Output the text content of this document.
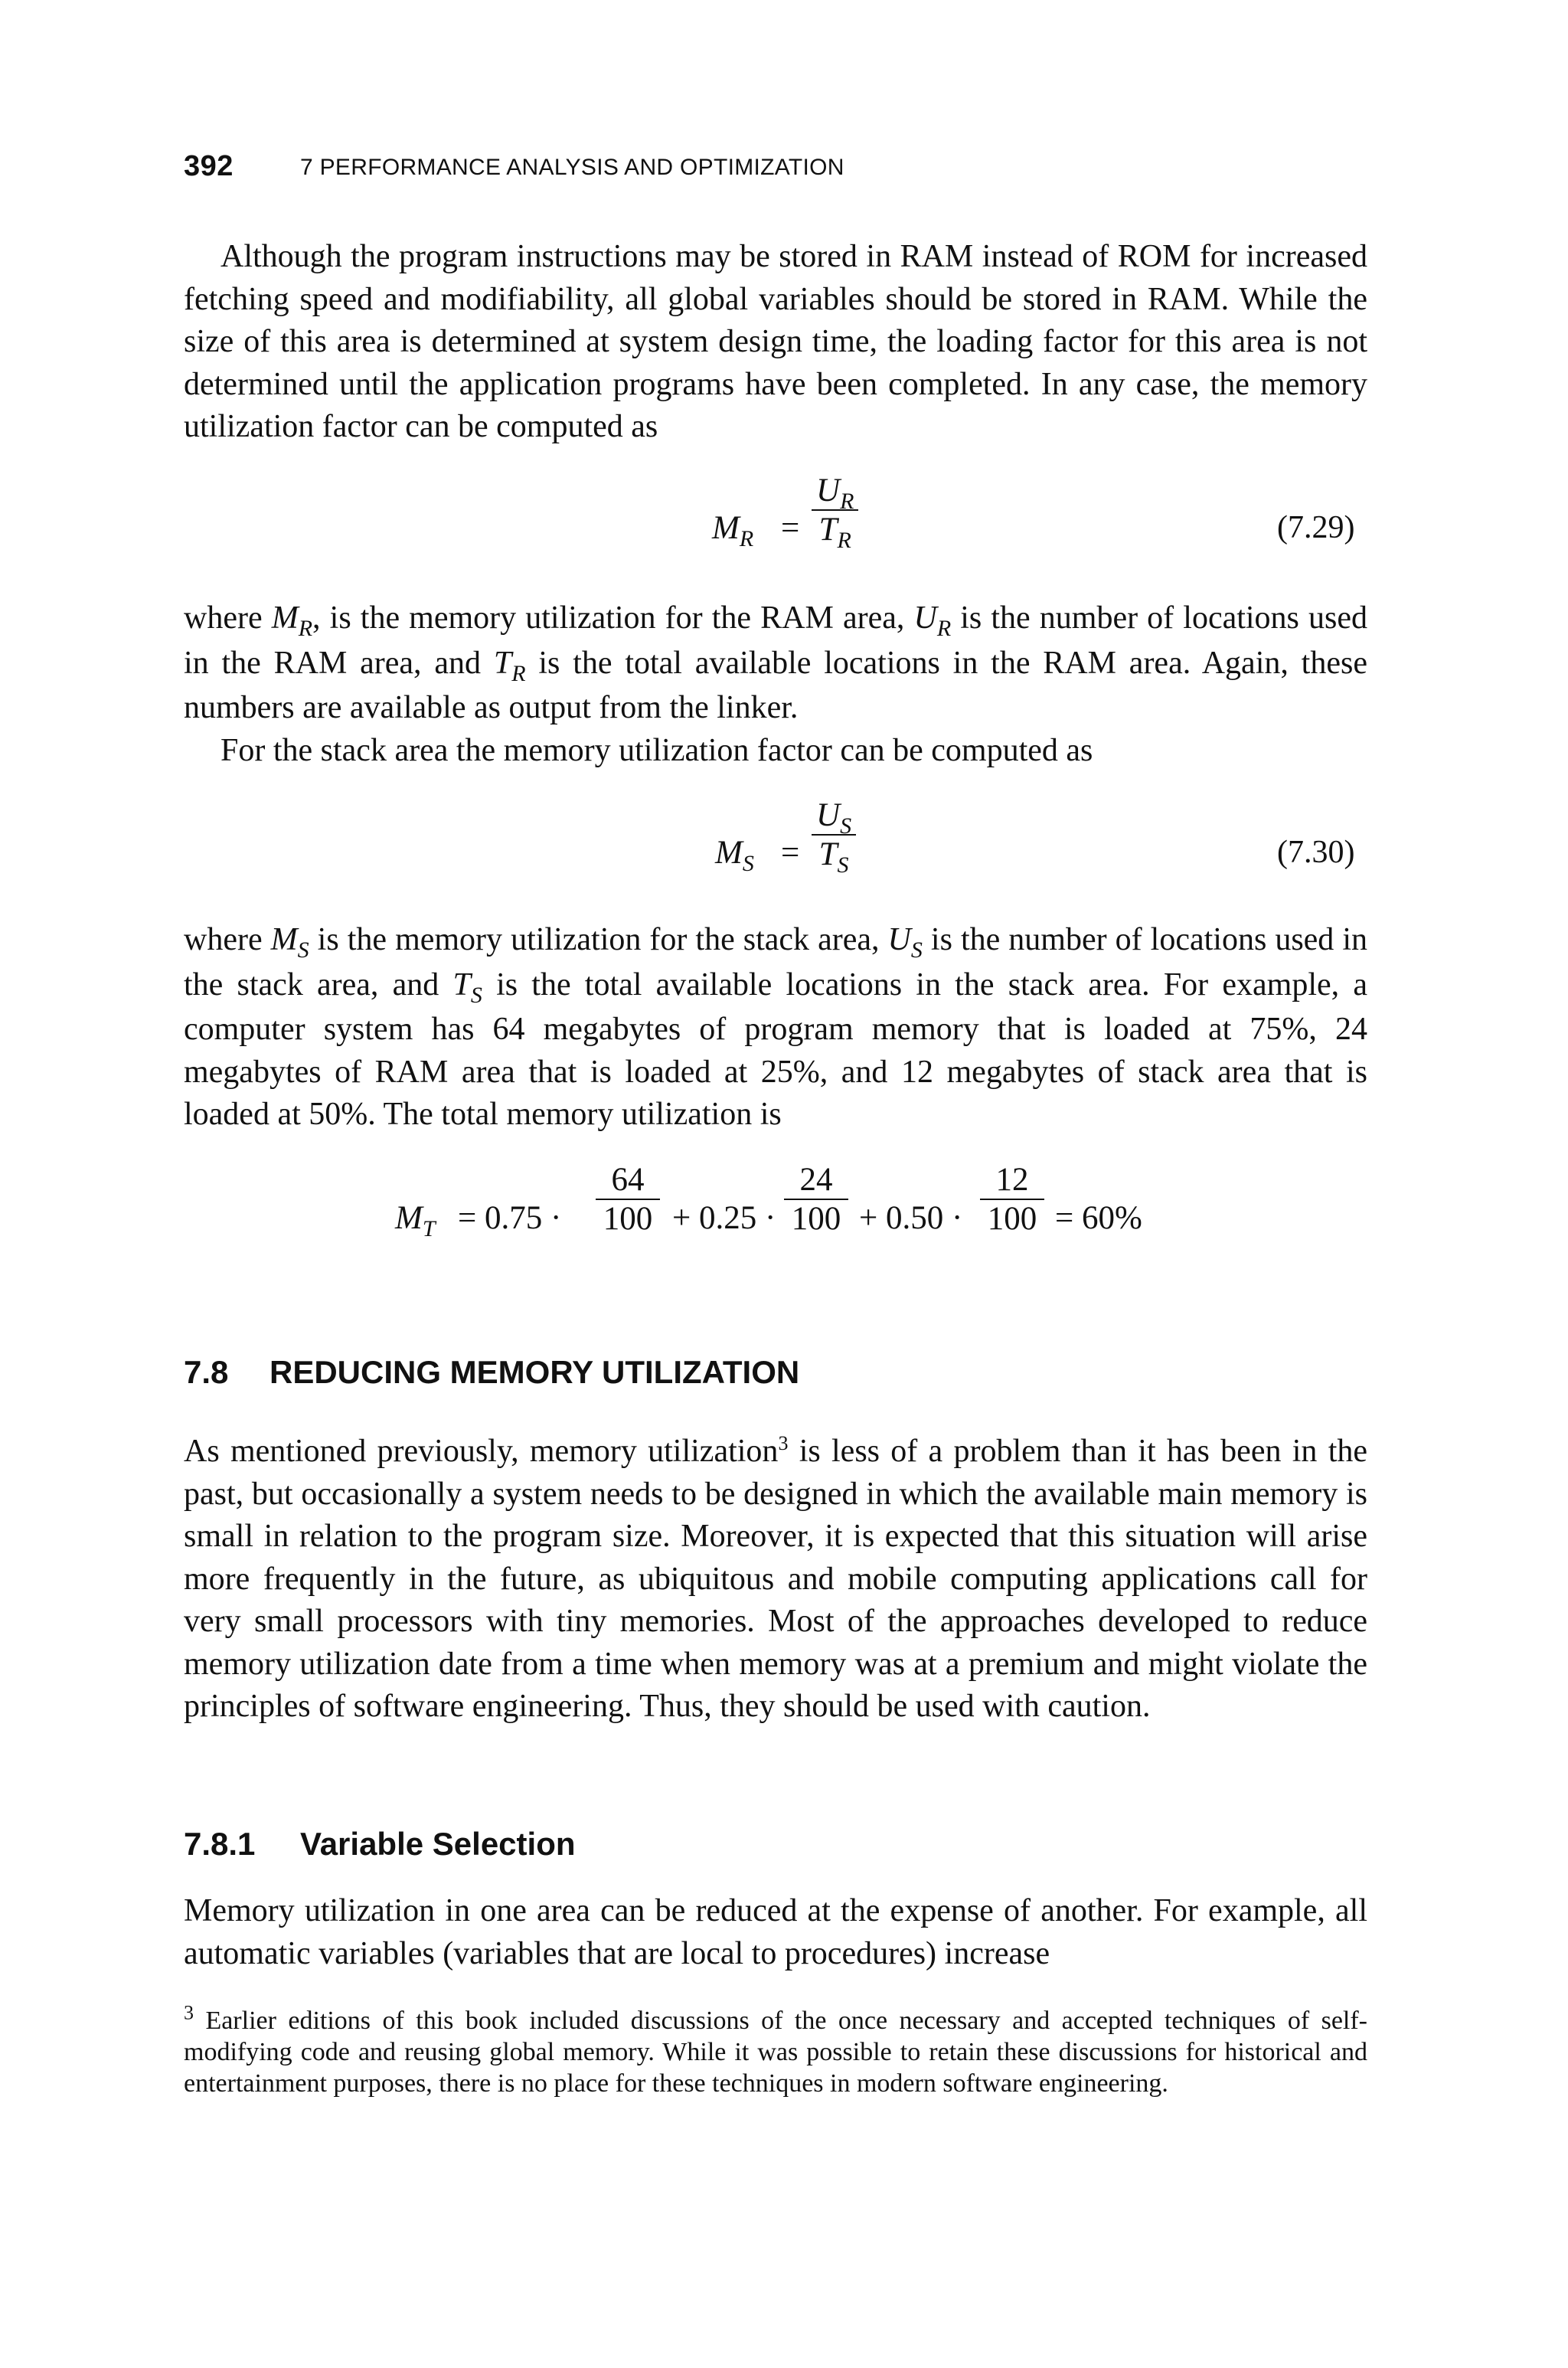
392	7 PERFORMANCE ANALYSIS AND OPTIMIZATION

Although the program instructions may be stored in RAM instead of ROM for increased fetching speed and modifiability, all global variables should be stored in RAM. While the size of this area is determined at system design time, the loading factor for this area is not determined until the application programs have been completed. In any case, the memory utilization factor can be computed as

$M_R = \frac{U_R}{T_R}$	(7.29)

where $M_R$, is the memory utilization for the RAM area, $U_R$ is the number of locations used in the RAM area, and $T_R$ is the total available locations in the RAM area. Again, these numbers are available as output from the linker.

For the stack area the memory utilization factor can be computed as

$M_S = \frac{U_S}{T_S}$	(7.30)

where $M_S$ is the memory utilization for the stack area, $U_S$ is the number of locations used in the stack area, and $T_S$ is the total available locations in the stack area. For example, a computer system has 64 megabytes of program memory that is loaded at 75%, 24 megabytes of RAM area that is loaded at 25%, and 12 megabytes of stack area that is loaded at 50%. The total memory utilization is

$M_T = 0.75 \cdot \frac{64}{100} + 0.25 \cdot \frac{24}{100} + 0.50 \cdot \frac{12}{100} = 60\%$
7.8 REDUCING MEMORY UTILIZATION

As mentioned previously, memory utilization$^3$ is less of a problem than it has been in the past, but occasionally a system needs to be designed in which the available main memory is small in relation to the program size. Moreover, it is expected that this situation will arise more frequently in the future, as ubiquitous and mobile computing applications call for very small processors with tiny memories. Most of the approaches developed to reduce memory utilization date from a time when memory was at a premium and might violate the principles of software engineering. Thus, they should be used with caution.

7.8.1 Variable Selection

Memory utilization in one area can be reduced at the expense of another. For example, all automatic variables (variables that are local to procedures) increase

$^3$ Earlier editions of this book included discussions of the once necessary and accepted techniques of self-modifying code and reusing global memory. While it was possible to retain these discussions for historical and entertainment purposes, there is no place for these techniques in modern software engineering.
